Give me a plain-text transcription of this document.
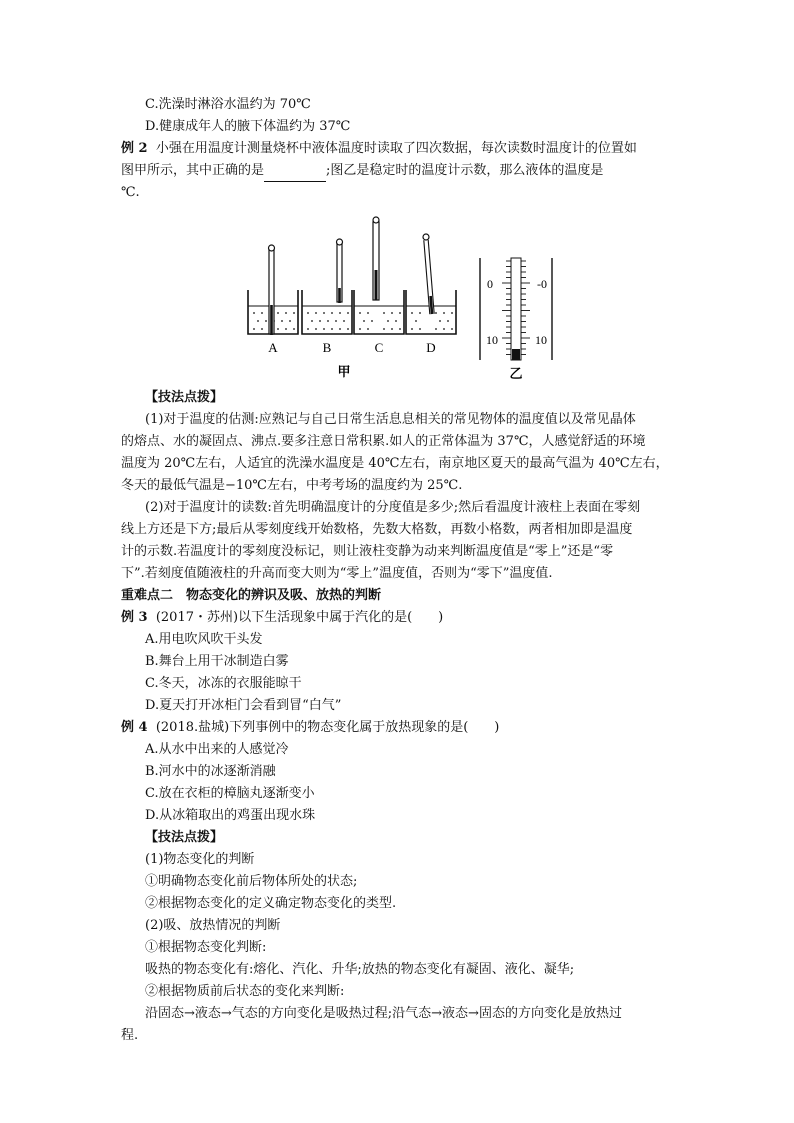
C.洗澡时淋浴水温约为 70℃
D.健康成年人的腋下体温约为 37℃
例 2 小强在用温度计测量烧杯中液体温度时读取了四次数据，每次读数时温度计的位置如
图甲所示，其中正确的是	;图乙是稳定时的温度计示数，那么液体的温度是
℃.
A	B	C	D
甲
0	-0
10	10
乙
【技法点拨】
(1)对于温度的估测:应熟记与自己日常生活息息相关的常见物体的温度值以及常见晶体
的熔点、水的凝固点、沸点.要多注意日常积累.如人的正常体温为 37℃，人感觉舒适的环境
温度为 20℃左右，人适宜的洗澡水温度是 40℃左右，南京地区夏天的最高气温为 40℃左右，
冬天的最低气温是−10℃左右，中考考场的温度约为 25℃.
(2)对于温度计的读数:首先明确温度计的分度值是多少;然后看温度计液柱上表面在零刻
线上方还是下方;最后从零刻度线开始数格，先数大格数，再数小格数，两者相加即是温度
计的示数.若温度计的零刻度没标记，则让液柱变静为动来判断温度值是“零上”还是“零
下”.若刻度值随液柱的升高而变大则为“零上”温度值，否则为“零下”温度值.
重难点二　物态变化的辨识及吸、放热的判断
例 3 (2017・苏州)以下生活现象中属于汽化的是(　　)
A.用电吹风吹干头发
B.舞台上用干冰制造白雾
C.冬天，冰冻的衣服能晾干
D.夏天打开冰柜门会看到冒“白气”
例 4 (2018.盐城)下列事例中的物态变化属于放热现象的是(　　)
A.从水中出来的人感觉冷
B.河水中的冰逐渐消融
C.放在衣柜的樟脑丸逐渐变小
D.从冰箱取出的鸡蛋出现水珠
【技法点拨】
(1)物态变化的判断
①明确物态变化前后物体所处的状态;
②根据物态变化的定义确定物态变化的类型.
(2)吸、放热情况的判断
①根据物态变化判断:
吸热的物态变化有:熔化、汽化、升华;放热的物态变化有凝固、液化、凝华;
②根据物质前后状态的变化来判断:
沿固态→液态→气态的方向变化是吸热过程;沿气态→液态→固态的方向变化是放热过
程.
